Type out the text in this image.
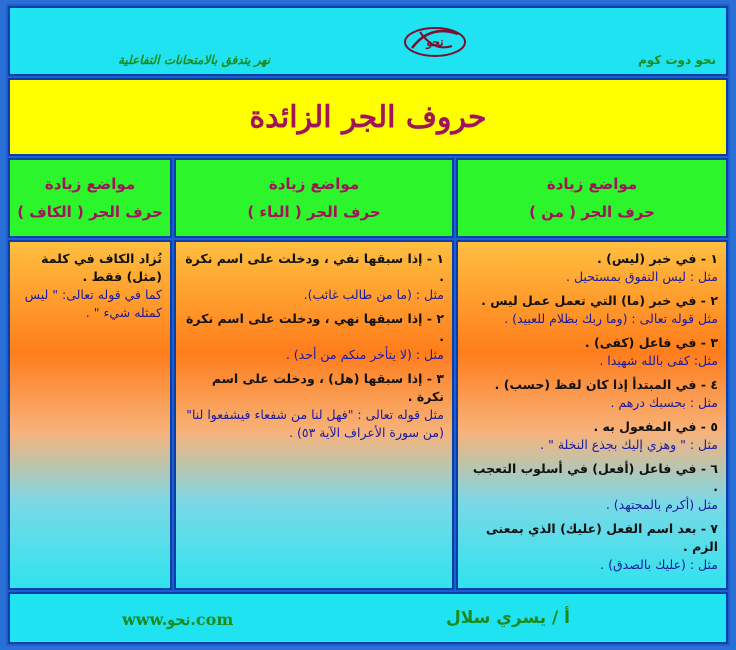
نحو دوت كوم
نحو
نهر يتدفق بالامتحانات التفاعلية
حروف الجر الزائدة
مواضع زيادة
حرف الجر ( من )
مواضع زيادة
حرف الجر ( الباء )
مواضع زيادة
حرف الجر ( الكاف )

١ - في خبر (ليس) .

مثل : ليس التفوق بمستحيل .

٢ - في خبر (ما) التي تعمل عمل ليس .

مثل قوله تعالى : (وما ربك بظلام للعبيد) .

٣ - في فاعل (كفى) .

مثل: كفى بالله شهيدا .

٤ - في المبتدأ إذا كان لفظ (حسب) .

مثل : بحسبك درهم .

٥ - في المفعول به .

مثل : " وهزي إليك بجذع النخلة " .

٦ - في فاعل (أفعل) في أسلوب التعجب .

مثل (أكرم بالمجتهد) .

٧ - بعد اسم الفعل (عليك) الذي بمعنى الزم .

مثل : (عليك بالصدق) .

١ - إذا سبقها نفي ، ودخلت على اسم نكرة .

مثل : (ما من طالب غائب).

٢ - إذا سبقها نهي ، ودخلت على اسم نكرة .

مثل : (لا يتأخر منكم من أحد) .

٣ - إذا سبقها (هل) ، ودخلت على اسم نكرة .

مثل قوله تعالى : "فهل لنا من شفعاء فيشفعوا لنا" (من سورة الأعراف الآية ٥٣) .

تُزاد الكاف في كلمة (مثل) فقط .

كما في قوله تعالى: " ليس كمثله شيء " .

أ / يسري سلال
www.نحو.com
